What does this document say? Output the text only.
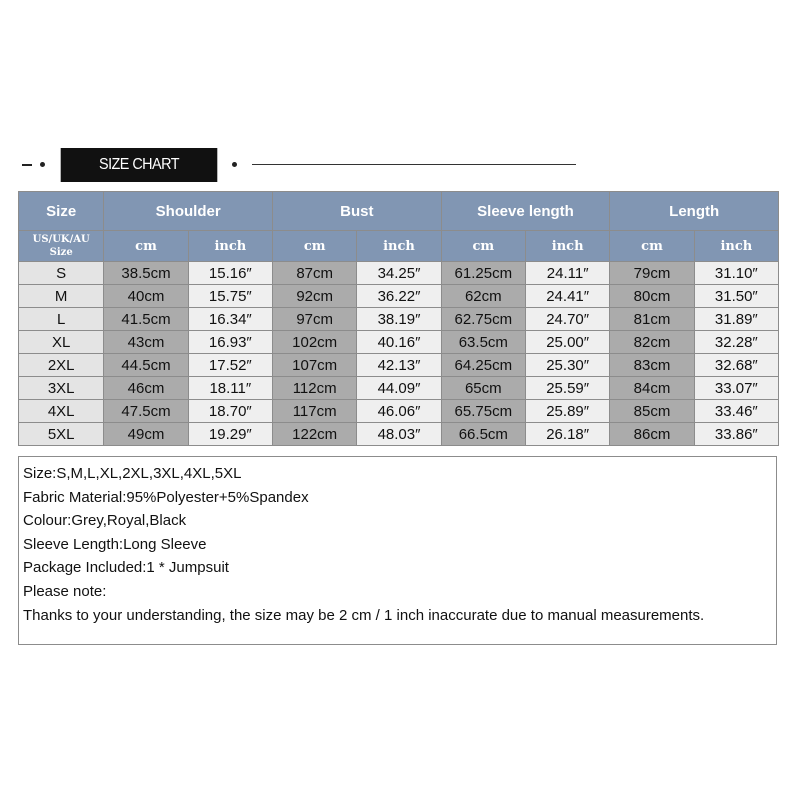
SIZE CHART
Size	Shoulder		Bust		Sleeve length		Length	

US/UK/AU
Size	cm	inch	cm	inch	cm	inch	cm	inch
S	38.5cm	15.16″	87cm	34.25″	61.25cm	24.11″	79cm	31.10″
M	40cm	15.75″	92cm	36.22″	62cm	24.41″	80cm	31.50″
L	41.5cm	16.34″	97cm	38.19″	62.75cm	24.70″	81cm	31.89″
XL	43cm	16.93″	102cm	40.16″	63.5cm	25.00″	82cm	32.28″
2XL	44.5cm	17.52″	107cm	42.13″	64.25cm	25.30″	83cm	32.68″
3XL	46cm	18.11″	112cm	44.09″	65cm	25.59″	84cm	33.07″
4XL	47.5cm	18.70″	117cm	46.06″	65.75cm	25.89″	85cm	33.46″
5XL	49cm	19.29″	122cm	48.03″	66.5cm	26.18″	86cm	33.86″
Size:S,M,L,XL,2XL,3XL,4XL,5XL
Fabric Material:95%Polyester+5%Spandex
Colour:Grey,Royal,Black
Sleeve Length:Long Sleeve
Package Included:1 * Jumpsuit
Please note:
Thanks to your understanding, the size may be 2 cm / 1 inch inaccurate due to manual measurements.
